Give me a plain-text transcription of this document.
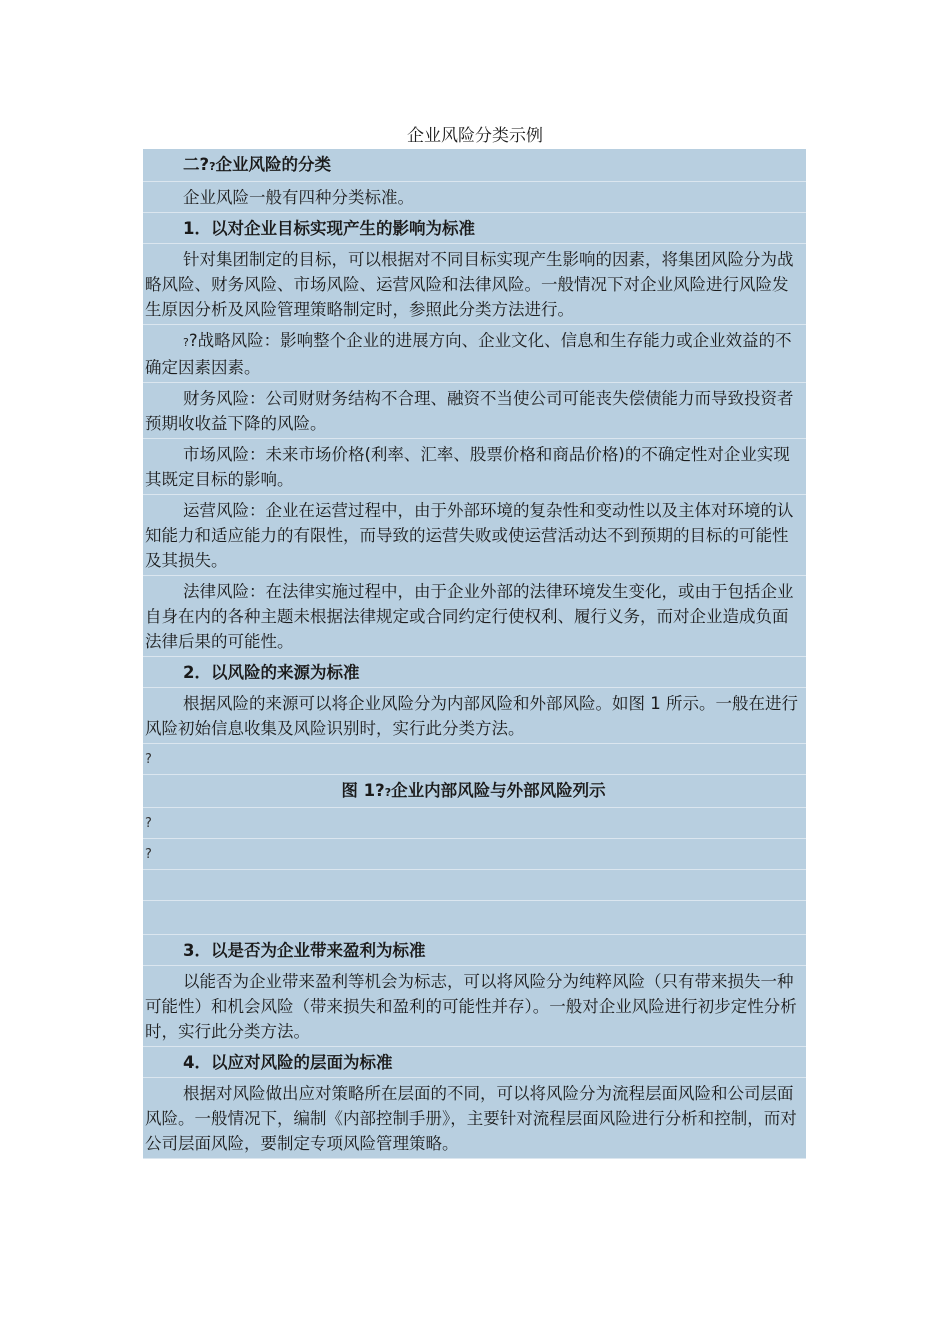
企业风险分类示例
二??企业风险的分类
企业风险一般有四种分类标准。
1．以对企业目标实现产生的影响为标准
针对集团制定的目标，可以根据对不同目标实现产生影响的因素，将集团风险分为战略风险、财务风险、市场风险、运营风险和法律风险。一般情况下对企业风险进行风险发生原因分析及风险管理策略制定时，参照此分类方法进行。
??战略风险：影响整个企业的进展方向、企业文化、信息和生存能力或企业效益的不确定因素因素。
财务风险：公司财财务结构不合理、融资不当使公司可能丧失偿债能力而导致投资者预期收收益下降的风险。
市场风险：未来市场价格(利率、汇率、股票价格和商品价格)的不确定性对企业实现其既定目标的影响。
运营风险：企业在运营过程中，由于外部环境的复杂性和变动性以及主体对环境的认知能力和适应能力的有限性，而导致的运营失败或使运营活动达不到预期的目标的可能性及其损失。
法律风险：在法律实施过程中，由于企业外部的法律环境发生变化，或由于包括企业自身在内的各种主题未根据法律规定或合同约定行使权利、履行义务，而对企业造成负面法律后果的可能性。
2．以风险的来源为标准
根据风险的来源可以将企业风险分为内部风险和外部风险。如图 1 所示。一般在进行风险初始信息收集及风险识别时，实行此分类方法。
?
图 1??企业内部风险与外部风险列示
?
?
3．以是否为企业带来盈利为标准
以能否为企业带来盈利等机会为标志，可以将风险分为纯粹风险（只有带来损失一种可能性）和机会风险（带来损失和盈利的可能性并存）。一般对企业风险进行初步定性分析时，实行此分类方法。
4．以应对风险的层面为标准
根据对风险做出应对策略所在层面的不同，可以将风险分为流程层面风险和公司层面风险。一般情况下，编制《内部控制手册》，主要针对流程层面风险进行分析和控制，而对公司层面风险，要制定专项风险管理策略。
